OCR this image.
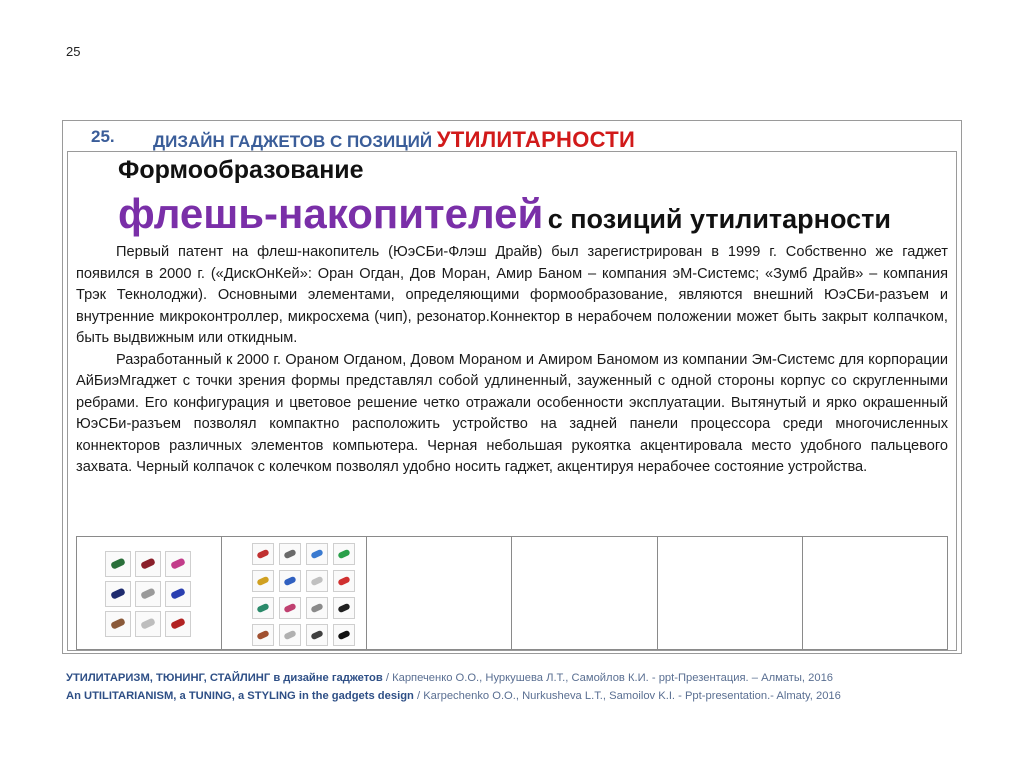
25
25. ДИЗАЙН ГАДЖЕТОВ С ПОЗИЦИЙ УТИЛИТАРНОСТИ
Формообразование
флешь-накопителей с позиций утилитарности

Первый патент на флеш-накопитель (ЮэСБи-Флэш Драйв) был зарегистрирован в 1999 г. Собственно же гаджет появился в 2000 г. («ДискОнКей»: Оран Огдан, Дов Моран, Амир Баном – компания эМ-Системс; «Зумб Драйв» – компания Трэк Текнолоджи). Основными элементами, определяющими формообразование, являются внешний ЮэСБи-разъем и внутренние микроконтроллер, микросхема (чип), резонатор.Коннектор в нерабочем положении может быть закрыт колпачком, быть выдвижным или откидным.

Разработанный к 2000 г. Ораном Огданом, Довом Мораном и Амиром Баномом из компании Эм-Системс для корпорации АйБиэМгаджет с точки зрения формы представлял собой удлиненный, зауженный с одной стороны корпус со скругленными ребрами. Его конфигурация и цветовое решение четко отражали особенности эксплуатации. Вытянутый и ярко окрашенный ЮэСБи-разъем позволял компактно расположить устройство на задней панели процессора среди многочисленных коннекторов различных элементов компьютера. Черная небольшая рукоятка акцентировала место удобного пальцевого захвата. Черный колпачок с колечком позволял удобно носить гаджет, акцентируя нерабочее состояние устройства.

УТИЛИТАРИЗМ, ТЮНИНГ, СТАЙЛИНГ в дизайне гаджетов / Карпеченко О.О., Нуркушева Л.Т., Самойлов К.И. - ppt-Презентация. – Алматы, 2016
An UTILITARIANISM, a TUNING, a STYLING in the gadgets design / Karpechenko O.O., Nurkusheva L.T., Samoilov K.I. - Ppt-presentation.- Almaty, 2016
